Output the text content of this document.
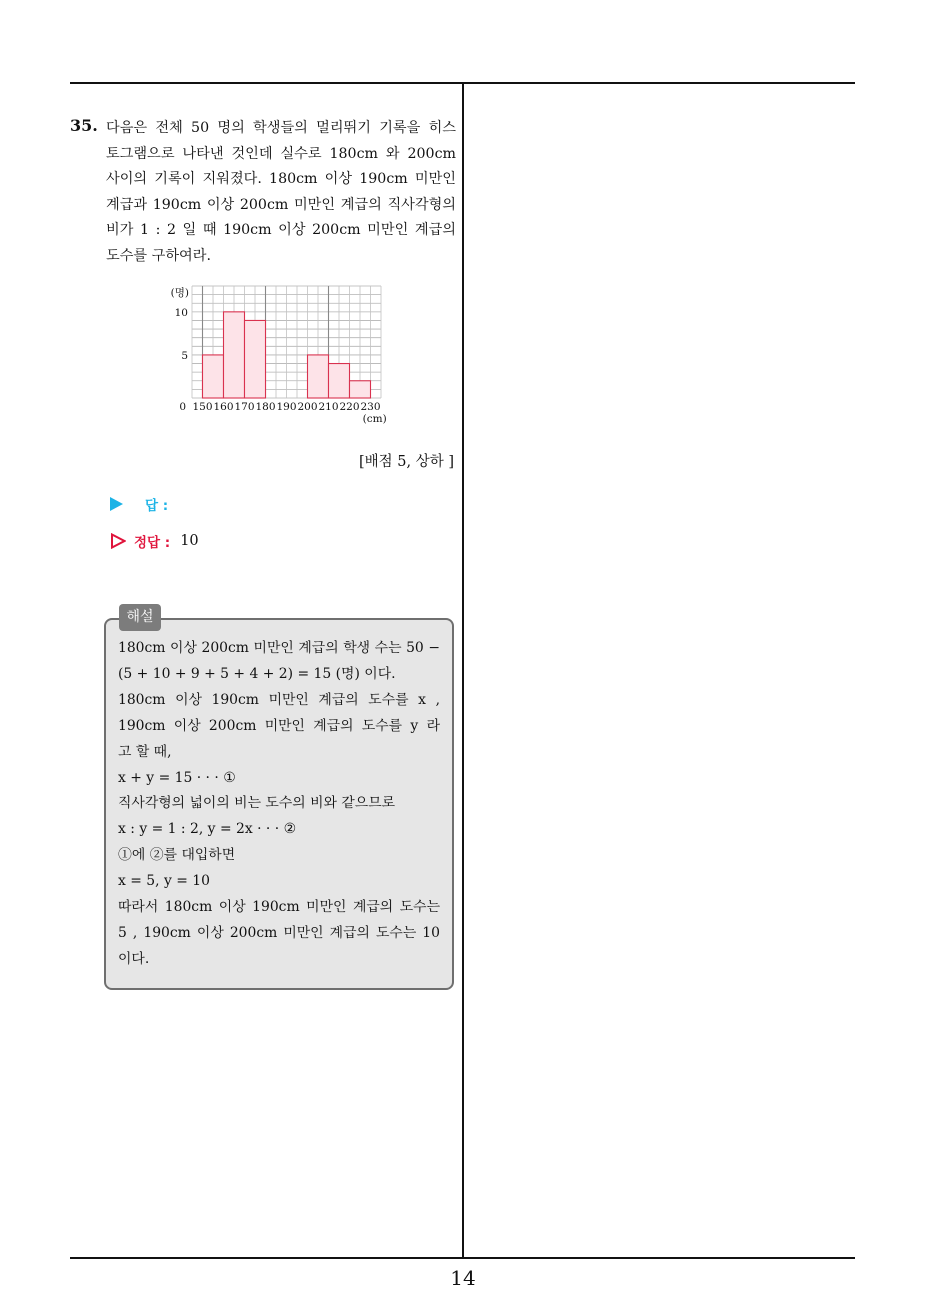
35. 다음은 전체 50 명의 학생들의 멀리뛰기 기록을 히스
토그램으로 나타낸 것인데 실수로 180cm 와 200cm
사이의 기록이 지워졌다. 180cm 이상 190cm 미만인
계급과 190cm 이상 200cm 미만인 계급의 직사각형의
비가 1 : 2 일 때 190cm 이상 200cm 미만인 계급의
도수를 구하여라.
150 160 170 180 190 200 210 220 230
5
10
0
(명)
(cm)
[배점 5, 상하 ]
답 :
정답 : 10
해설
180cm 이상 200cm 미만인 계급의 학생 수는 50 −
(5 + 10 + 9 + 5 + 4 + 2) = 15 (명) 이다.
180cm 이상 190cm 미만인 계급의 도수를 x ,
190cm 이상 200cm 미만인 계급의 도수를 y 라
고 할 때,
x + y = 15 · · · ①
직사각형의 넓이의 비는 도수의 비와 같으므로
x : y = 1 : 2, y = 2x · · · ②
①에 ②를 대입하면
x = 5, y = 10
따라서 180cm 이상 190cm 미만인 계급의 도수는
5 , 190cm 이상 200cm 미만인 계급의 도수는 10
이다.
14
